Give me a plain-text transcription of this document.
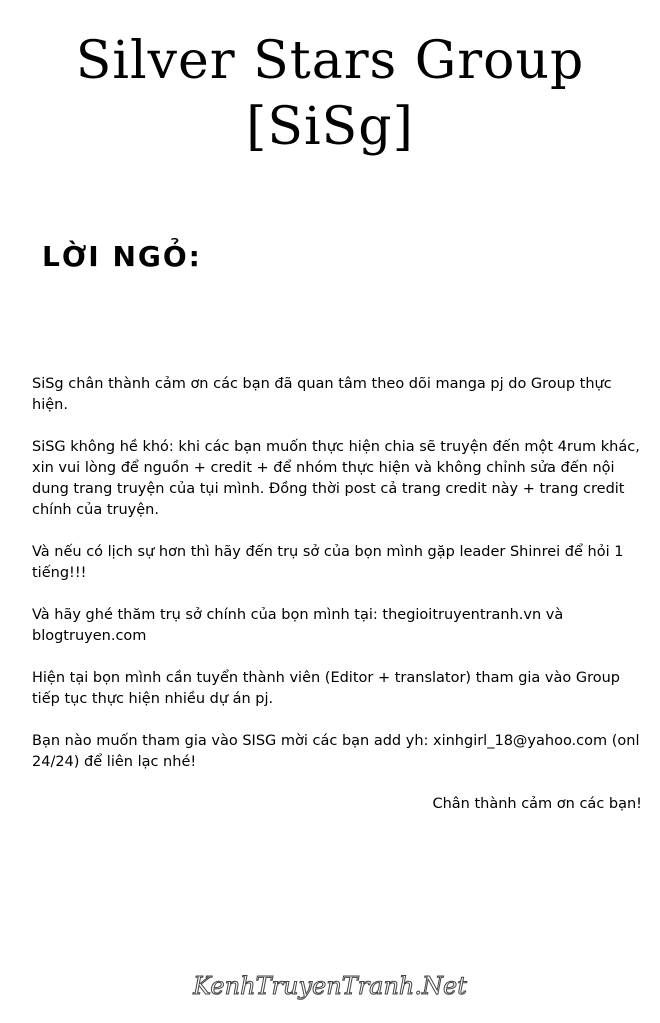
Silver Stars Group
[SiSg]
LỜI NGỎ:

SiSg chân thành cảm ơn các bạn đã quan tâm theo dõi manga pj do Group thực hiện.

SiSG không hề khó: khi các bạn muốn thực hiện chia sẽ truyện đến một 4rum khác, xin vui lòng để nguồn + credit + để nhóm thực hiện và không chỉnh sửa đến nội dung trang truyện của tụi mình. Đồng thời post cả trang credit này + trang credit chính của truyện.

Và nếu có lịch sự hơn thì hãy đến trụ sở của bọn mình gặp leader Shinrei để hỏi 1 tiếng!!!

Và hãy ghé thăm trụ sở chính của bọn mình tại: thegioitruyentranh.vn và blogtruyen.com

Hiện tại bọn mình cần tuyển thành viên (Editor + translator) tham gia vào Group tiếp tục thực hiện nhiều dự án pj.

Bạn nào muốn tham gia vào SISG mời các bạn add yh: xinhgirl_18@yahoo.com (onl 24/24) để liên lạc nhé!

Chân thành cảm ơn các bạn!

KenhTruyenTranh.Net
